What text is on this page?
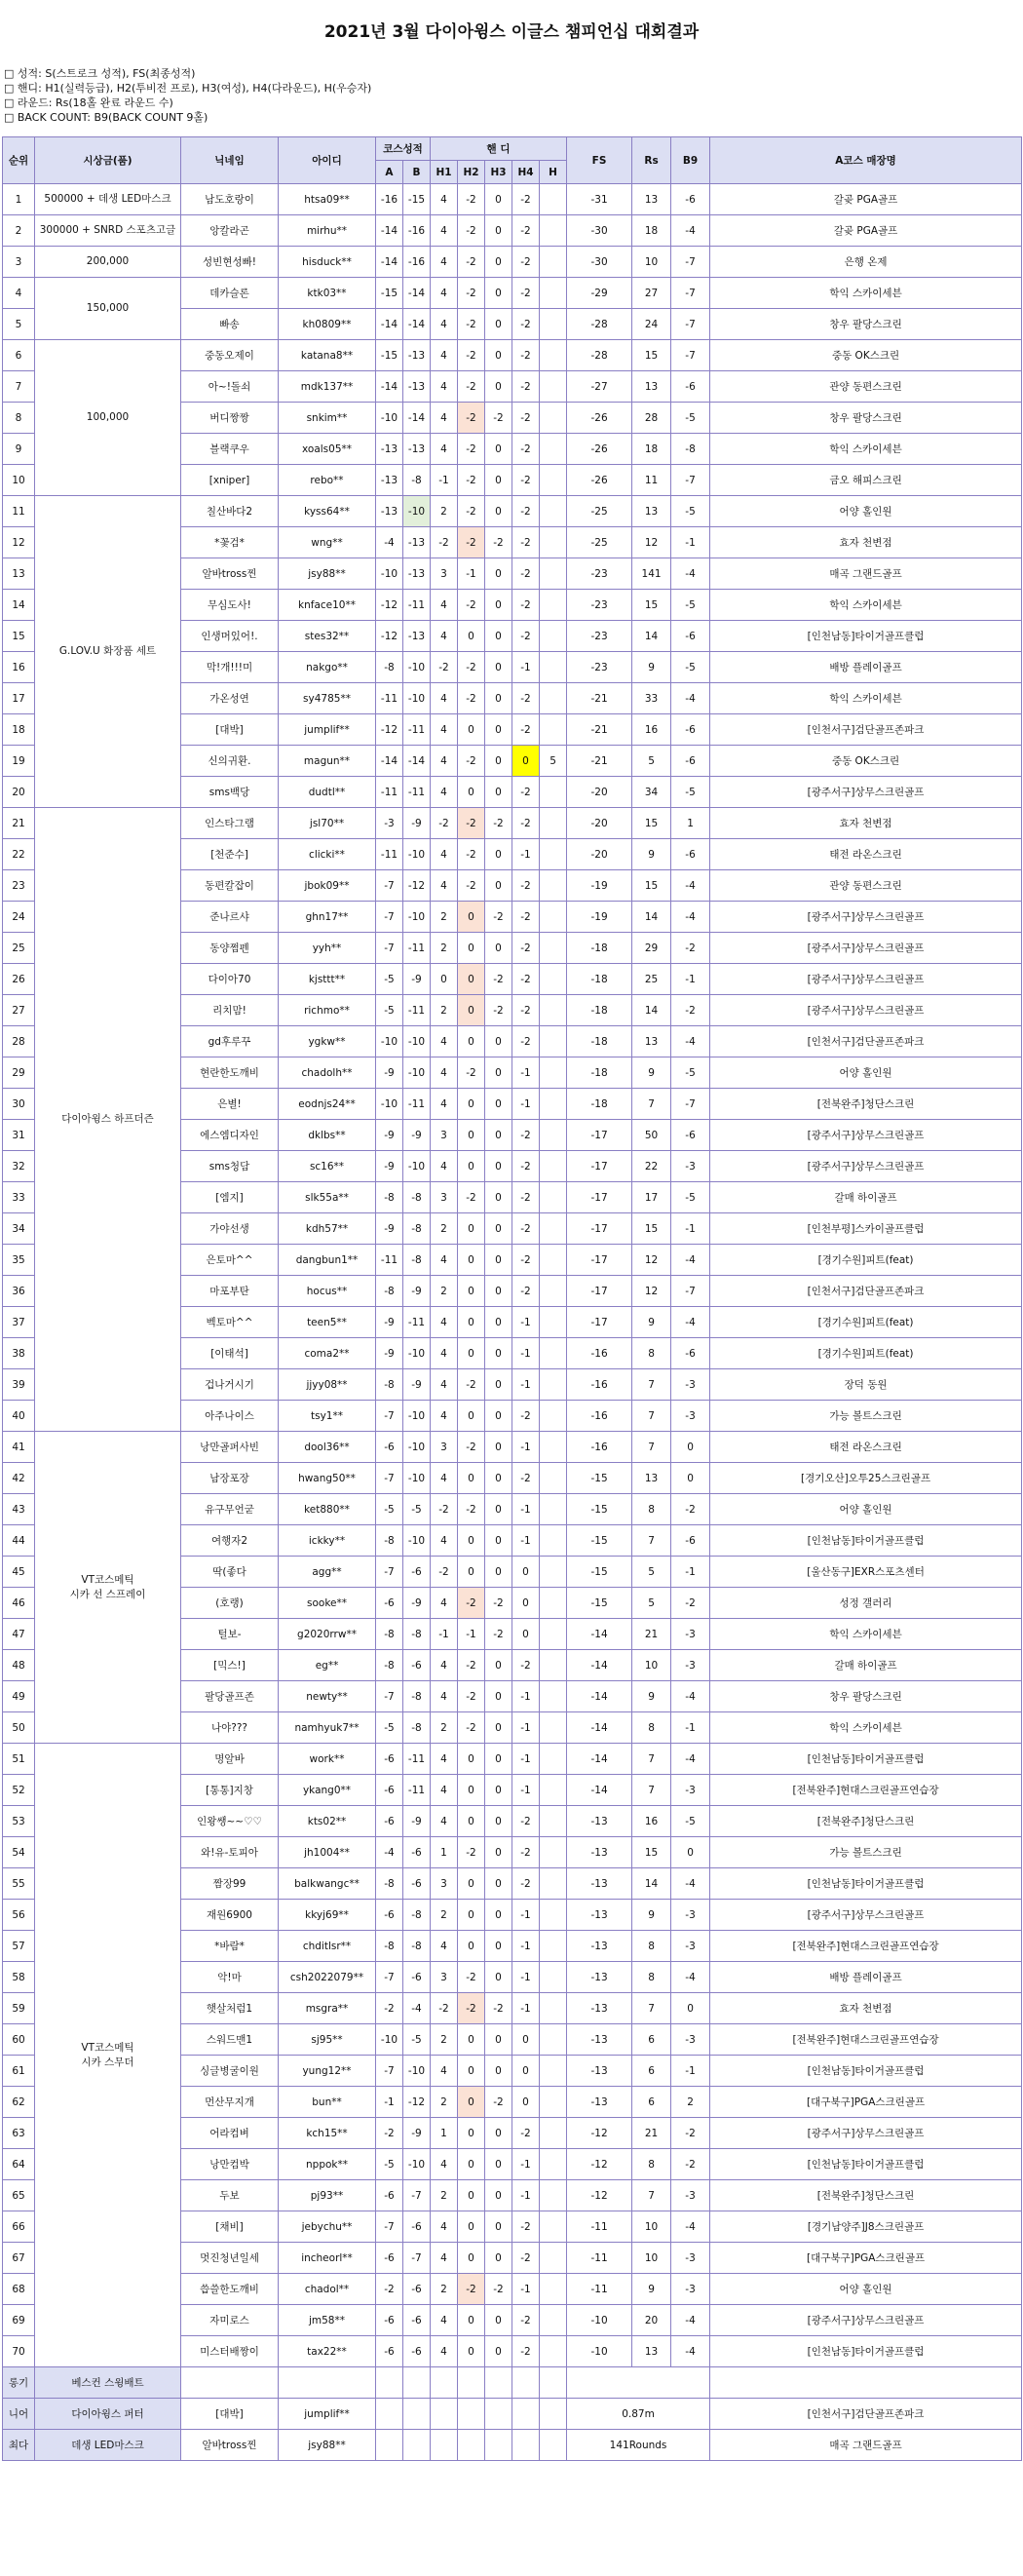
2021년 3월 다이아윙스 이글스 챔피언십 대회결과
□ 성적: S(스트로크 성적), FS(최종성적)
□ 핸디: H1(실력등급), H2(투비전 프로), H3(여성), H4(다라운드), H(우승자)
□ 라운드: Rs(18홀 완료 라운드 수)
□ BACK COUNT: B9(BACK COUNT 9홀)
순위	시상금(품)	닉네임	아이디	코스성적		핸 디					FS	Rs	B9	A코스 매장명
				A	B	H1	H2	H3	H4	H				
1	500000 + 데생 LED마스크	남도호랑이	htsa09**	-16	-15	4	-2	0	-2		-31	13	-6	갈곶 PGA골프
2	300000 + SNRD 스포츠고글	앙칼라곤	mirhu**	-14	-16	4	-2	0	-2		-30	18	-4	갈곶 PGA골프
3	200,000	성빈현성빠!	hisduck**	-14	-16	4	-2	0	-2		-30	10	-7	은행 온제
4	150,000	데카슬론	ktk03**	-15	-14	4	-2	0	-2		-29	27	-7	학익 스카이세븐
5		빠송	kh0809**	-14	-14	4	-2	0	-2		-28	24	-7	창우 팔당스크린
6	100,000	중동오제이	katana8**	-15	-13	4	-2	0	-2		-28	15	-7	중동 OK스크린
7		아~!돌쇠	mdk137**	-14	-13	4	-2	0	-2		-27	13	-6	관양 동편스크린
8		버디짱짱	snkim**	-10	-14	4	-2	-2	-2		-26	28	-5	창우 팔당스크린
9		블랙쿠우	xoals05**	-13	-13	4	-2	0	-2		-26	18	-8	학익 스카이세븐
10		[xniper]	rebo**	-13	-8	-1	-2	0	-2		-26	11	-7	금오 해피스크린
11	G.LOV.U 화장품 세트	칠산바다2	kyss64**	-13	-10	2	-2	0	-2		-25	13	-5	어양 홀인원
12		*꽃검*	wng**	-4	-13	-2	-2	-2	-2		-25	12	-1	효자 천변점
13		알바tross찐	jsy88**	-10	-13	3	-1	0	-2		-23	141	-4	매곡 그랜드골프
14		무심도사!	knface10**	-12	-11	4	-2	0	-2		-23	15	-5	학익 스카이세븐
15		인생머있어!.	stes32**	-12	-13	4	0	0	-2		-23	14	-6	[인천남동]타이거골프클럽
16		막!개!!!미	nakgo**	-8	-10	-2	-2	0	-1		-23	9	-5	배방 플레이골프
17		가온성연	sy4785**	-11	-10	4	-2	0	-2		-21	33	-4	학익 스카이세븐
18		[대박]	jumplif**	-12	-11	4	0	0	-2		-21	16	-6	[인천서구]검단골프존파크
19		신의귀환.	magun**	-14	-14	4	-2	0	0	5	-21	5	-6	중동 OK스크린
20		sms백당	dudtl**	-11	-11	4	0	0	-2		-20	34	-5	[광주서구]상무스크린골프
21	다이아윙스 하프더즌	인스타그램	jsl70**	-3	-9	-2	-2	-2	-2		-20	15	1	효자 천변점
22		[천준수]	clicki**	-11	-10	4	-2	0	-1		-20	9	-6	태전 라온스크린
23		동편칼잡이	jbok09**	-7	-12	4	-2	0	-2		-19	15	-4	관양 동편스크린
24		준나르샤	ghn17**	-7	-10	2	0	-2	-2		-19	14	-4	[광주서구]상무스크린골프
25		동양쩜펜	yyh**	-7	-11	2	0	0	-2		-18	29	-2	[광주서구]상무스크린골프
26		다이아70	kjsttt**	-5	-9	0	0	-2	-2		-18	25	-1	[광주서구]상무스크린골프
27		리치맘!	richmo**	-5	-11	2	0	-2	-2		-18	14	-2	[광주서구]상무스크린골프
28		gd후루꾸	ygkw**	-10	-10	4	0	0	-2		-18	13	-4	[인천서구]검단골프존파크
29		현란한도깨비	chadolh**	-9	-10	4	-2	0	-1		-18	9	-5	어양 홀인원
30		은별!	eodnjs24**	-10	-11	4	0	0	-1		-18	7	-7	[전북완주]청단스크린
31		에스엠디자인	dklbs**	-9	-9	3	0	0	-2		-17	50	-6	[광주서구]상무스크린골프
32		sms청담	sc16**	-9	-10	4	0	0	-2		-17	22	-3	[광주서구]상무스크린골프
33		[엠지]	slk55a**	-8	-8	3	-2	0	-2		-17	17	-5	갈매 하이골프
34		가야선생	kdh57**	-9	-8	2	0	0	-2		-17	15	-1	[인천부평]스카이골프클럽
35		은토마^^	dangbun1**	-11	-8	4	0	0	-2		-17	12	-4	[경기수원]피트(feat)
36		마포부탄	hocus**	-8	-9	2	0	0	-2		-17	12	-7	[인천서구]검단골프존파크
37		벡토마^^	teen5**	-9	-11	4	0	0	-1		-17	9	-4	[경기수원]피트(feat)
38		[이태석]	coma2**	-9	-10	4	0	0	-1		-16	8	-6	[경기수원]피트(feat)
39		겁나거시기	jjyy08**	-8	-9	4	-2	0	-1		-16	7	-3	장덕 동원
40		아주나이스	tsy1**	-7	-10	4	0	0	-2		-16	7	-3	가능 볼트스크린
41	VT코스메틱
시카 선 스프레이	낭만골퍼사빈	dool36**	-6	-10	3	-2	0	-1		-16	7	0	태전 라온스크린
42		남장포장	hwang50**	-7	-10	4	0	0	-2		-15	13	0	[경기오산]오투25스크린골프
43		유구무언굳	ket880**	-5	-5	-2	-2	0	-1		-15	8	-2	어양 홀인원
44		여행자2	ickky**	-8	-10	4	0	0	-1		-15	7	-6	[인천남동]타이거골프클럽
45		딱(좋다	agg**	-7	-6	-2	0	0	0		-15	5	-1	[울산동구]EXR스포츠센터
46		(호랭)	sooke**	-6	-9	4	-2	-2	0		-15	5	-2	성정 갤러리
47		털보-	g2020rrw**	-8	-8	-1	-1	-2	0		-14	21	-3	학익 스카이세븐
48		[믹스!]	eg**	-8	-6	4	-2	0	-2		-14	10	-3	갈매 하이골프
49		팔당골프존	newty**	-7	-8	4	-2	0	-1		-14	9	-4	창우 팔당스크린
50		나야???	namhyuk7**	-5	-8	2	-2	0	-1		-14	8	-1	학익 스카이세븐
51	VT코스메틱
시카 스무더	명알바	work**	-6	-11	4	0	0	-1		-14	7	-4	[인천남동]타이거골프클럽
52		[통통]지창	ykang0**	-6	-11	4	0	0	-1		-14	7	-3	[전북완주]현대스크린골프연습장
53		인왕쌩~~♡♡	kts02**	-6	-9	4	0	0	-2		-13	16	-5	[전북완주]청단스크린
54		와!유-토피아	jh1004**	-4	-6	1	-2	0	-2		-13	15	0	가능 볼트스크린
55		짬장99	balkwangc**	-8	-6	3	0	0	-2		-13	14	-4	[인천남동]타이거골프클럽
56		재원6900	kkyj69**	-6	-8	2	0	0	-1		-13	9	-3	[광주서구]상무스크린골프
57		*바람*	chditlsr**	-8	-8	4	0	0	-1		-13	8	-3	[전북완주]현대스크린골프연습장
58		악!마	csh2022079**	-7	-6	3	-2	0	-1		-13	8	-4	배방 플레이골프
59		햇살처럼1	msgra**	-2	-4	-2	-2	-2	-1		-13	7	0	효자 천변점
60		스워드맨1	sj95**	-10	-5	2	0	0	0		-13	6	-3	[전북완주]현대스크린골프연습장
61		싱글병굴이원	yung12**	-7	-10	4	0	0	0		-13	6	-1	[인천남동]타이거골프클럽
62		먼산무지개	bun**	-1	-12	2	0	-2	0		-13	6	2	[대구북구]PGA스크린골프
63		어라컴벼	kch15**	-2	-9	1	0	0	-2		-12	21	-2	[광주서구]상무스크린골프
64		낭만컴박	nppok**	-5	-10	4	0	0	-1		-12	8	-2	[인천남동]타이거골프클럽
65		두보	pj93**	-6	-7	2	0	0	-1		-12	7	-3	[전북완주]청단스크린
66		[채비]	jebychu**	-7	-6	4	0	0	-2		-11	10	-4	[경기남양주]J8스크린골프
67		멋진청년일세	incheorl**	-6	-7	4	0	0	-2		-11	10	-3	[대구북구]PGA스크린골프
68		씁쓸한도깨비	chadol**	-2	-6	2	-2	-2	-1		-11	9	-3	어양 홀인원
69		자미로스	jm58**	-6	-6	4	0	0	-2		-10	20	-4	[광주서구]상무스크린골프
70		미스터배짱이	tax22**	-6	-6	4	0	0	-2		-10	13	-4	[인천남동]타이거골프클럽
롱기	베스컨 스윙배트													
니어	다이아윙스 퍼터	[대박]	jumplif**								0.87m			[인천서구]검단골프존파크
최다	데생 LED마스크	알바tross찐	jsy88**								141Rounds			매곡 그랜드골프
